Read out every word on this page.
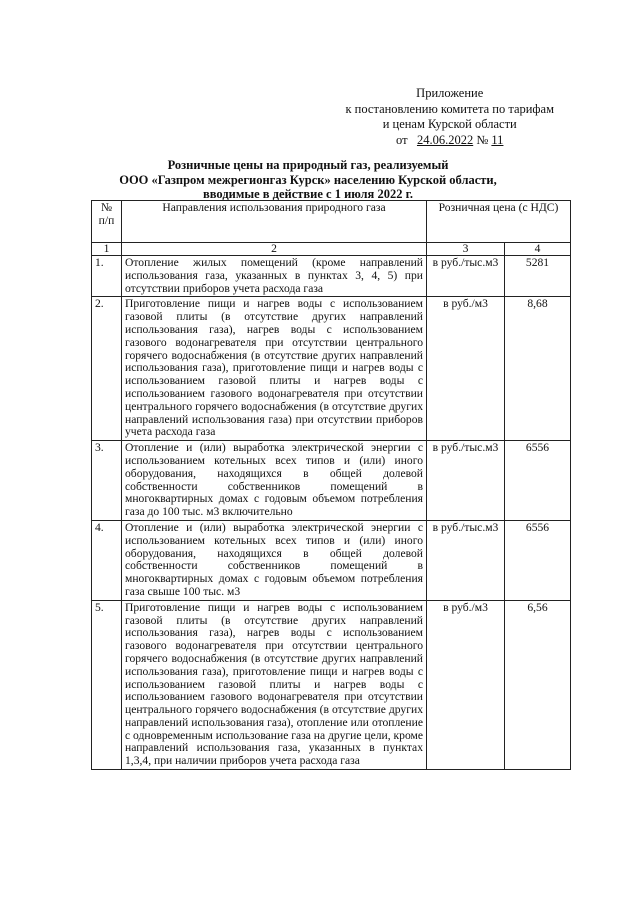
Приложение
к постановлению комитета по тарифам
и ценам Курской области
от 24.06.2022 № 11
Розничные цены на природный газ, реализуемый
ООО «Газпром межрегионгаз Курск» населению Курской области,
вводимые в действие с 1 июля 2022 г.
№ п/п	Направления использования природного газа	Розничная цена (с НДС)	
1	2	3	4
1.	Отопление жилых помещений (кроме направлений использования газа, указанных в пунктах 3, 4, 5) при отсутствии приборов учета расхода газа	в руб./тыс.м3	5281
2.	Приготовление пищи и нагрев воды с использованием газовой плиты (в отсутствие других направлений использования газа), нагрев воды с использованием газового водонагревателя при отсутствии центрального горячего водоснабжения (в отсутствие других направлений использования газа), приготовление пищи и нагрев воды с использованием газовой плиты и нагрев воды с использованием газового водонагревателя при отсутствии центрального горячего водоснабжения (в отсутствие других направлений использования газа) при отсутствии приборов учета расхода газа	в руб./м3	8,68
3.	Отопление и (или) выработка электрической энергии с использованием котельных всех типов и (или) иного оборудования, находящихся в общей долевой собственности собственников помещений в многоквартирных домах с годовым объемом потребления газа до 100 тыс. м3 включительно	в руб./тыс.м3	6556
4.	Отопление и (или) выработка электрической энергии с использованием котельных всех типов и (или) иного оборудования, находящихся в общей долевой собственности собственников помещений в многоквартирных домах с годовым объемом потребления газа свыше 100 тыс. м3	в руб./тыс.м3	6556
5.	Приготовление пищи и нагрев воды с использованием газовой плиты (в отсутствие других направлений использования газа), нагрев воды с использованием газового водонагревателя при отсутствии центрального горячего водоснабжения (в отсутствие других направлений использования газа), приготовление пищи и нагрев воды с использованием газовой плиты и нагрев воды с использованием газового водонагревателя при отсутствии центрального горячего водоснабжения (в отсутствие других направлений использования газа), отопление или отопление с одновременным использование газа на другие цели, кроме направлений использования газа, указанных в пунктах 1,3,4, при наличии приборов учета расхода газа	в руб./м3	6,56
